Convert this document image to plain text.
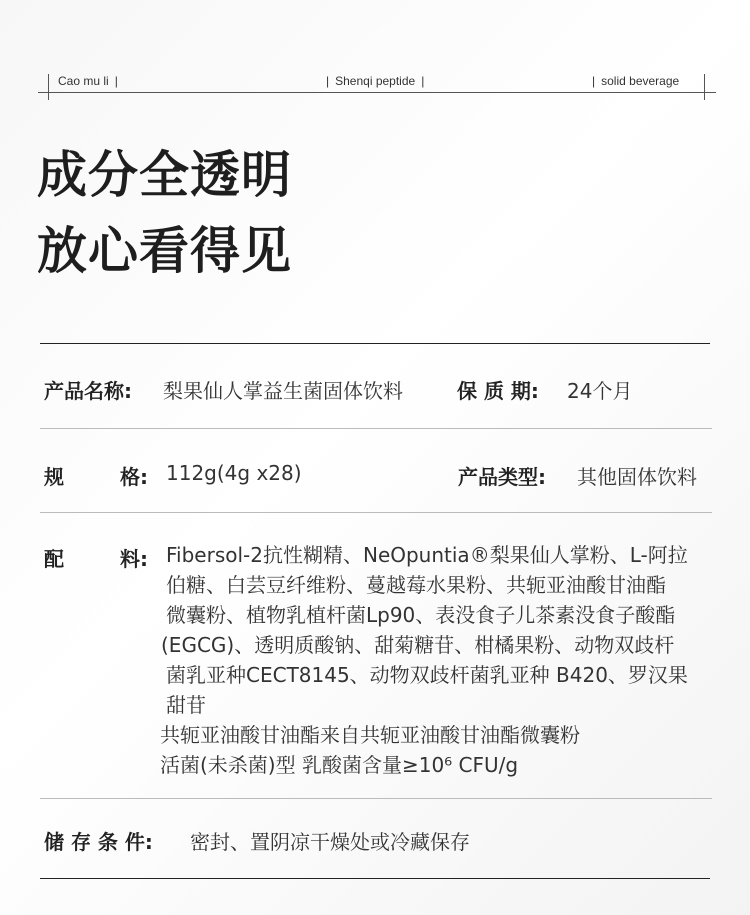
Cao mu li |	| Shenqi peptide |	| solid beverage
成分全透明
放心看得见
产品名称: 梨果仙人掌益生菌固体饮料	保 质 期: 24个月
规	格: 112g(4g x28)	产品类型: 其他固体饮料
配	料: Fibersol-2抗性糊精、NeOpuntia®梨果仙人掌粉、L-阿拉
伯糖、白芸豆纤维粉、蔓越莓水果粉、共轭亚油酸甘油酯
微囊粉、植物乳植杆菌Lp90、表没食子儿茶素没食子酸酯
(EGCG)、透明质酸钠、甜菊糖苷、柑橘果粉、动物双歧杆
菌乳亚种CECT8145、动物双歧杆菌乳亚种 B420、罗汉果
甜苷
共轭亚油酸甘油酯来自共轭亚油酸甘油酯微囊粉
活菌(未杀菌)型 乳酸菌含量≥10⁶ CFU/g
储 存 条 件: 密封、置阴凉干燥处或冷藏保存
